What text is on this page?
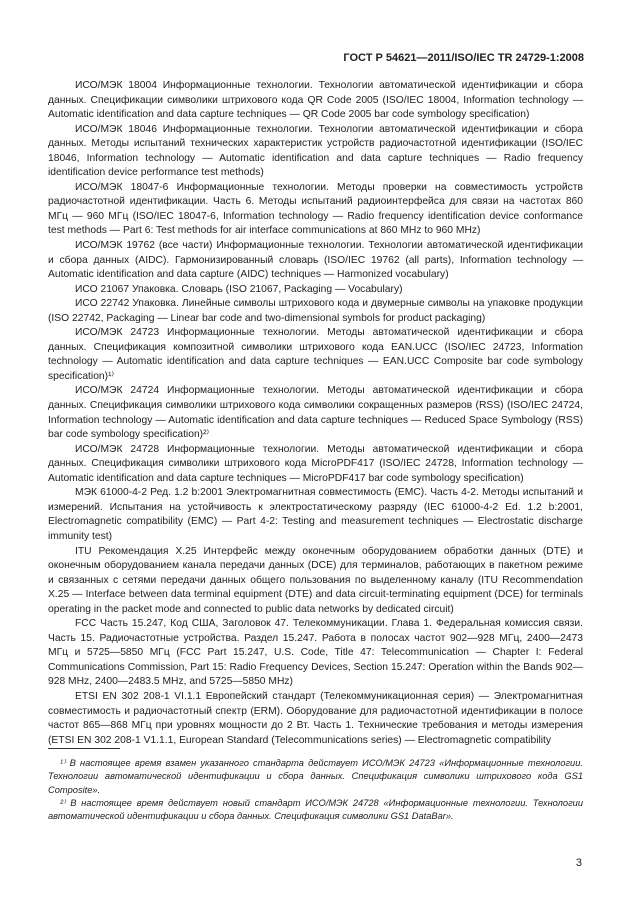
ГОСТ Р 54621—2011/ISO/IEC TR 24729-1:2008

ИСО/МЭК 18004 Информационные технологии. Технологии автоматической идентификации и сбора данных. Спецификации символики штрихового кода QR Code 2005 (ISO/IEC 18004, Information technology — Automatic identification and data capture techniques — QR Code 2005 bar code symbology specification)

ИСО/МЭК 18046 Информационные технологии. Технологии автоматической идентификации и сбора данных. Методы испытаний технических характеристик устройств радиочастотной идентификации (ISO/IEC 18046, Information technology — Automatic identification and data capture techniques — Radio frequency identification device performance test methods)

ИСО/МЭК 18047-6 Информационные технологии. Методы проверки на совместимость устройств радиочастотной идентификации. Часть 6. Методы испытаний радиоинтерфейса для связи на частотах 860 МГц — 960 МГц (ISO/IEC 18047-6, Information technology — Radio frequency identification device conformance test methods — Part 6: Test methods for air interface communications at 860 MHz to 960 MHz)

ИСО/МЭК 19762 (все части) Информационные технологии. Технологии автоматической идентификации и сбора данных (AIDC). Гармонизированный словарь (ISO/IEC 19762 (all parts), Information technology — Automatic identification and data capture (AIDC) techniques — Harmonized vocabulary)

ИСО 21067 Упаковка. Словарь (ISO 21067, Packaging — Vocabulary)

ИСО 22742 Упаковка. Линейные символы штрихового кода и двумерные символы на упаковке продукции (ISO 22742, Packaging — Linear bar code and two-dimensional symbols for product packaging)

ИСО/МЭК 24723 Информационные технологии. Методы автоматической идентификации и сбора данных. Спецификация композитной символики штрихового кода EAN.UCC (ISO/IEC 24723, Information technology — Automatic identification and data capture techniques — EAN.UCC Composite bar code symbology specification)¹⁾

ИСО/МЭК 24724 Информационные технологии. Методы автоматической идентификации и сбора данных. Спецификация символики штрихового кода символики сокращенных размеров (RSS) (ISO/IEC 24724, Information technology — Automatic identification and data capture techniques — Reduced Space Symbology (RSS) bar code symbology specification)²⁾

ИСО/МЭК 24728 Информационные технологии. Методы автоматической идентификации и сбора данных. Спецификация символики штрихового кода MicroPDF417 (ISO/IEC 24728, Information technology — Automatic identification and data capture techniques — MicroPDF417 bar code symbology specification)

МЭК 61000-4-2 Ред. 1.2 b:2001 Электромагнитная совместимость (ЕМС). Часть 4-2. Методы испытаний и измерений. Испытания на устойчивость к электростатическому разряду (IEC 61000-4-2 Ed. 1.2 b:2001, Electromagnetic compatibility (EMC) — Part 4-2: Testing and measurement techniques — Electrostatic discharge immunity test)

ITU Рекомендация X.25 Интерфейс между оконечным оборудованием обработки данных (DTE) и оконечным оборудованием канала передачи данных (DCE) для терминалов, работающих в пакетном режиме и связанных с сетями передачи данных общего пользования по выделенному каналу (ITU Recommendation X.25 — Interface between data terminal equipment (DTE) and data circuit-terminating equipment (DCE) for terminals operating in the packet mode and connected to public data networks by dedicated circuit)

FCC Часть 15.247, Код США, Заголовок 47. Телекоммуникации. Глава 1. Федеральная комиссия связи. Часть 15. Радиочастотные устройства. Раздел 15.247. Работа в полосах частот 902—928 МГц, 2400—2473 МГц и 5725—5850 МГц (FCC Part 15.247, U.S. Code, Title 47: Telecommunication — Chapter I: Federal Communications Commission, Part 15: Radio Frequency Devices, Section 15.247: Operation within the Bands 902—928 MHz, 2400—2483.5 MHz, and 5725—5850 MHz)

ETSI EN 302 208-1 VI.1.1 Европейский стандарт (Телекоммуникационная серия) — Электромагнитная совместимость и радиочастотный спектр (ERM). Оборудование для радиочастотной идентификации в полосе частот 865—868 МГц при уровнях мощности до 2 Вт. Часть 1. Технические требования и методы измерения (ETSI EN 302 208-1 V1.1.1, European Standard (Telecommunications series) — Electromagnetic compatibility

¹⁾ В настоящее время взамен указанного стандарта действует ИСО/МЭК 24723 «Информационные технологии. Технологии автоматической идентификации и сбора данных. Спецификация символики штрихового кода GS1 Composite».

²⁾ В настоящее время действует новый стандарт ИСО/МЭК 24728 «Информационные технологии. Технологии автоматической идентификации и сбора данных. Спецификация символики GS1 DataBar».

3
